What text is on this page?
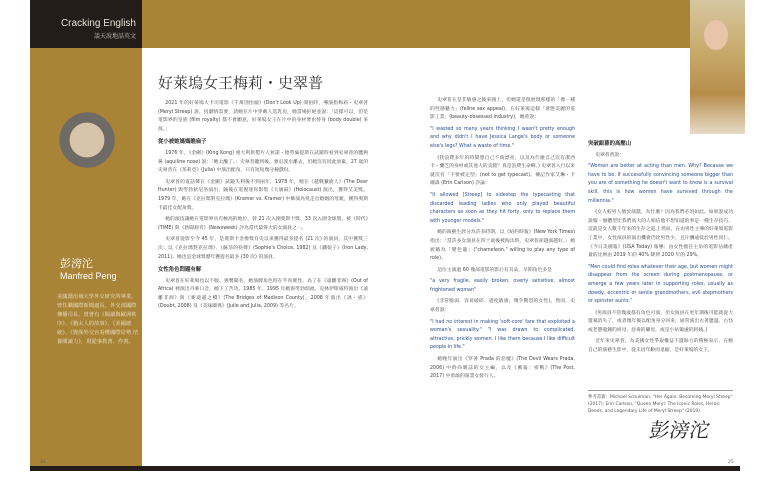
Cracking English
談天說地話英文
彭滂沱
Manfred Peng
美國喬治城大學外交研究所畢業，曾任職國際新聞處長、外交部國際傳播司長，曾著有《閱讀與歐洲秩序》、《猶太人的故事》、《美國總統》、《資深外交官看懂國際局勢 培養閱讀力》，現從事教書、作書。
好萊塢女王梅莉・史翠普

2021 年的好萊塢大卡司電影《千萬別抬頭》(Don't Look Up) 開拍時，導演指梅莉・史翠普 (Meryl Streep) 說，因劇情需要，請她在片中穿戴人造乳房，她當場拒絕並說：「這樣可以，但是電影界的皇族 (film royalty) 都不會願意，好萊塢女王在片中的身材要由替身 (body double) 來演。」

從小被她媽媽瞧扁子

1976 年，《金剛》(King Kong) 重大利新製片人狄諾・德勞倫提斯在試鏡時看到史翠普的鷹鉤鼻 (aquiline nose) 說：「她太醜了。」史翠普聽到後，強忍淚水離去，但她沒有因此放棄，27 歲的史翠普在《茱莉亞》(Julia) 中演出配角，只有短短幾分鐘戲份。

史翠普的電話聲在《金剛》試鏡失利後不到兩年，1978 年，她在《越戰獵鹿人》(The Deer Hunter) 與勞勃狄尼洛演出，隨後在電視迷你影集《大屠殺》(Holocaust) 演出，獲得艾美獎。1979 年，她在《克拉瑪對克拉瑪》(Kramer vs. Kramer) 中飾演為愛走出婚姻的母親，獲得奧斯卡最佳女配角獎。

她的演技讓她在電影界具有極高的地位，曾 21 次入圍奧斯卡獎、33 次入圍金球獎，被《時代》(TIME) 與《新聞週刊》(Newsweek) 評為當代最偉大的女演員之一。

史翠普從影至今 45 年，是奧斯卡金像獎有史以來獲得最多提名 (21 次) 的演員，其中獲獎三次：以《克拉瑪對克拉瑪》、《蘇菲的抉擇》(Sophie's Choice, 1982) 及《鐵娘子》(Iron Lady, 2011)。她也是金球獎歷年獲提名最多 (30 次) 的演員。

女性角色問題有解

史翠普在好萊塢也以不服、強勢聞名，她演繹角色時在乎真實性，為了在《遠離非洲》(Out of Africa) 裡演出丹麥口音，她下了苦功。1985 年、1995 年她與勞勃瑞福、克林伊斯威特演出《遠離非洲》與《麥迪遜之橋》(The Bridges of Madison County)，2008 年演出《誘・惑》(Doubt, 2008) 及《美味關係》(Julie and Julia, 2009) 等名片。

史翠普在是非敏感之後來國上，但她還是很展現那樣的「像一種的性感魅力」(feline sex appeal)，在好萊塢這個「迷戀美麗的電影工業」(beauty-obsessed industry)，她曾說：

"I wasted so many years thinking I wasn't pretty enough and why didn't I have Jessica Lange's body or someone else's legs? What a waste of time."

(我浪費多年的時間想自己不夠漂亮，以及為什麼自己沒有潔西卡・蘭芝的身材或其他人的美腿？真是浪費生命啊。) 史翠普入行以來就沒有「不要被定型」(not to get typecast)。傳記作家艾琳・卡爾森 (Erin Carlson) 評論：

"It allowed [Streep] to sidestep the typecasting that discarded leading ladies who only played beautiful characters as soon as they hit forty, only to replace them with younger models."

她的演藝生涯分為許多時期，以《紐約時報》(New York Times) 指出：「當許多女演員在四十歲後被淘汰時，史翠普卻越演越好。」她被稱為「變色龍」("chameleon," willing to play any type of role)。

這位主演過 60 幾部電影的影后有耳朵，早期角色多是

"a very fragile, easily broken, overly sensitive, almost frightened woman"

(非常脆弱、容易破碎、過度敏感，幾乎驚恐的女性)。然而，史翠普說：

"I had no interest in making 'soft-core' fare that exploited a woman's sexuality." "I was drawn to complicated, attractive, prickly women. I like them because I like difficult people in life."

她晚年演出《穿著 Prada 的惡魔》(The Devil Wears Prada, 2006) 中時尚雜誌的女主編，以及《郵報：密戰》(The Post, 2017) 中勇敢的報業女發行人。

突破銀幕的高壓山

史翠普曾說：

"Women are better at acting than men. Why? Because we have to be. If successfully convincing someone bigger than you are of something he doesn't want to know is a survival skill, this is how women have survived through the millennia."

(女人較男人擅於演戲。為什麼？因為我們必須如此。如果說成功說服一個體型比我們高大的人相信他不想知道的事是一種生存技巧，這就是女人數千年來的生存之道。) 然而，在由男性主導的好萊塢電影工業中，女性演員的演出機會仍比男性少，且片酬遠低於男性同仁。《今日美國報》(USA Today) 報導：由女性擔任主角的電影佔總產量的比例由 2019 年的 40% 降到 2020 年的 29%。

"Men could find roles whatever their age, but women might disappear from the screen during postmenopause, or emerge a few years later in supporting roles, usually as dowdy, eccentric or senile grandmothers, evil stepmothers or spinster aunts."

(男演員不管幾歲都有角色可演，但女演員在更年期後可能就從大螢幕消失了，或者幾年後以配角身分回來，通常演出衣著邋遢、古怪或老態龍鍾的祖母、惡毒的繼母，或是小姑獨處的阿姨。)

近年來史翠普，為美國女性爭取權益不遺餘力的積極表示，在她自己的演藝生涯中，從未因年齡而退縮，是好萊塢的女王。

參考書籍：Michael Schulman, "Her Again: Becoming Meryl Streep" (2017); Erin Carlson, "Queen Meryl: The Iconic Roles, Heroic Deeds, and Legendary Life of Meryl Streep" (2019).
彭滂沱
24	25
